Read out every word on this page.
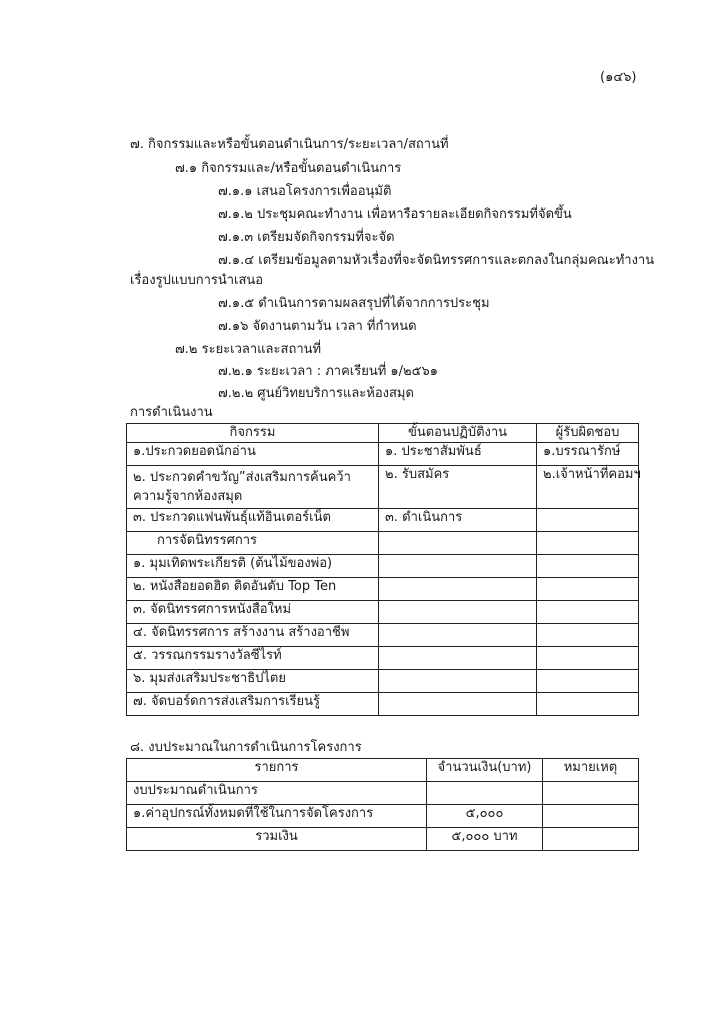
(๑๔๖)
๗. กิจกรรมและหรือขั้นตอนดำเนินการ/ระยะเวลา/สถานที่
๗.๑ กิจกรรมและ/หรือขั้นตอนดำเนินการ
๗.๑.๑ เสนอโครงการเพื่ออนุมัติ
๗.๑.๒ ประชุมคณะทำงาน เพื่อหารือรายละเอียดกิจกรรมที่จัดขึ้น
๗.๑.๓ เตรียมจัดกิจกรรมที่จะจัด
๗.๑.๔ เตรียมข้อมูลตามหัวเรื่องที่จะจัดนิทรรศการและตกลงในกลุ่มคณะทำงาน
เรื่องรูปแบบการนำเสนอ
๗.๑.๕ ดำเนินการตามผลสรุปที่ได้จากการประชุม
๗.๑๖ จัดงานตามวัน เวลา ที่กำหนด
๗.๒ ระยะเวลาและสถานที่
๗.๒.๑ ระยะเวลา : ภาคเรียนที่ ๑/๒๕๖๑
๗.๒.๒ ศูนย์วิทยบริการและห้องสมุด
การดำเนินงาน
กิจกรรม	ขั้นตอนปฏิบัติงาน	ผู้รับผิดชอบ
๑.ประกวดยอดนักอ่าน	๑. ประชาสัมพันธ์	๑.บรรณารักษ์
๒. ประกวดคำขวัญ”ส่งเสริมการค้นคว้าความรู้จากห้องสมุด	๒. รับสมัคร	๒.เจ้าหน้าที่คอมฯ
๓. ประกวดแฟนพันธุ์แท้อินเตอร์เน็ต	๓. ดำเนินการ	
การจัดนิทรรศการ		
๑. มุมเทิดพระเกียรติ (ต้นไม้ของพ่อ)		
๒. หนังสือยอดฮิต ติดอันดับ Top Ten		
๓. จัดนิทรรศการหนังสือใหม่		
๔. จัดนิทรรศการ สร้างงาน สร้างอาชีพ		
๕. วรรณกรรมรางวัลซีไรท์		
๖. มุมส่งเสริมประชาธิปไตย		
๗. จัดบอร์ดการส่งเสริมการเรียนรู้		
๘. งบประมาณในการดำเนินการโครงการ
รายการ	จำนวนเงิน(บาท)	หมายเหตุ
งบประมาณดำเนินการ		
๑.ค่าอุปกรณ์ทั้งหมดที่ใช้ในการจัดโครงการ	๕,๐๐๐	
รวมเงิน	๕,๐๐๐ บาท	
